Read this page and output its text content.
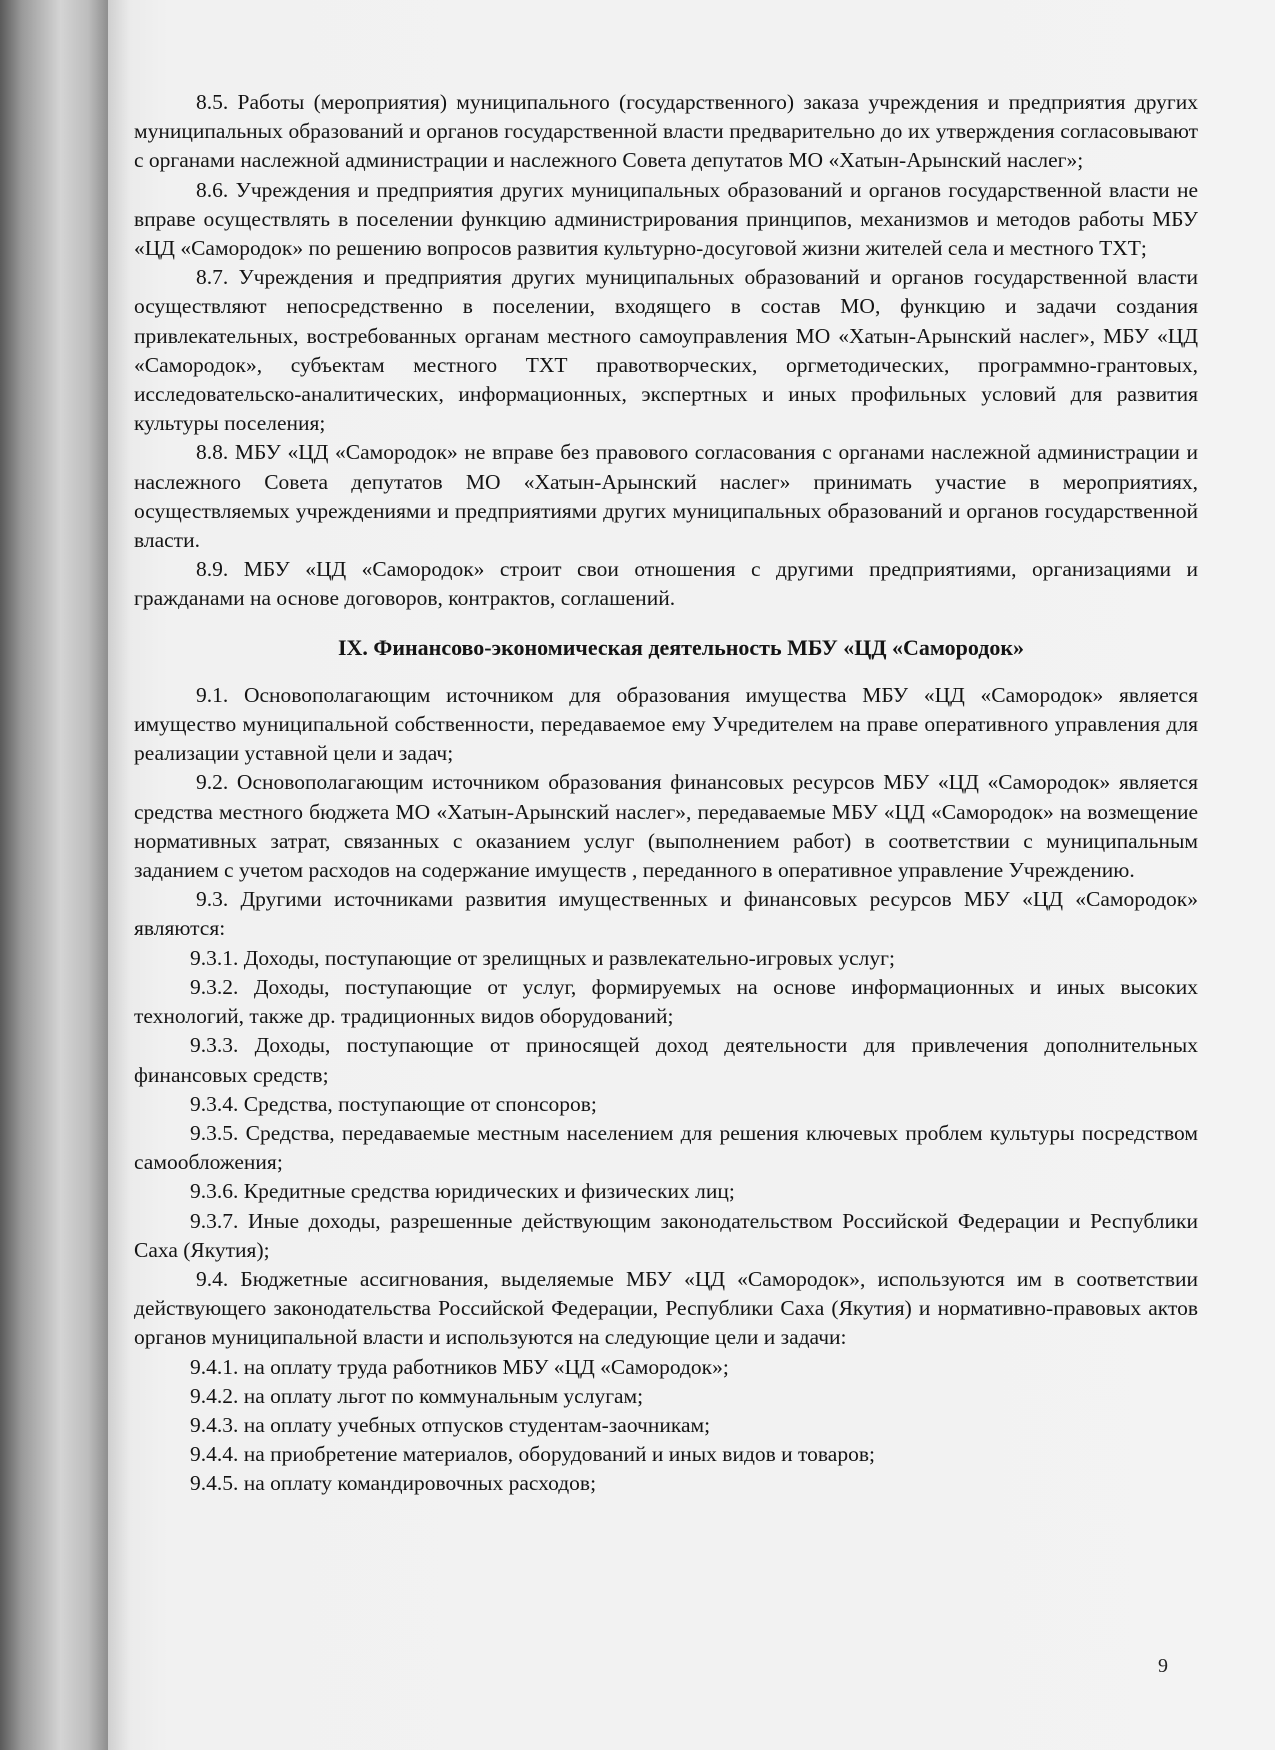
8.5. Работы (мероприятия) муниципального (государственного) заказа учреждения и предприятия других муниципальных образований и органов государственной власти предварительно до их утверждения согласовывают с органами наслежной администрации и наслежного Совета депутатов МО «Хатын-Арынский наслег»;

8.6. Учреждения и предприятия других муниципальных образований и органов государственной власти не вправе осуществлять в поселении функцию администрирования принципов, механизмов и методов работы МБУ «ЦД «Самородок» по решению вопросов развития культурно-досуговой жизни жителей села и местного ТХТ;

8.7. Учреждения и предприятия других муниципальных образований и органов государственной власти осуществляют непосредственно в поселении, входящего в состав МО, функцию и задачи создания привлекательных, востребованных органам местного самоуправления МО «Хатын-Арынский наслег», МБУ «ЦД «Самородок», субъектам местного ТХТ правотворческих, оргметодических, программно-грантовых, исследовательско-аналитических, информационных, экспертных и иных профильных условий для развития культуры поселения;

8.8. МБУ «ЦД «Самородок» не вправе без правового согласования с органами наслежной администрации и наслежного Совета депутатов МО «Хатын-Арынский наслег» принимать участие в мероприятиях, осуществляемых учреждениями и предприятиями других муниципальных образований и органов государственной власти.

8.9. МБУ «ЦД «Самородок» строит свои отношения с другими предприятиями, организациями и гражданами на основе договоров, контрактов, соглашений.

IX. Финансово-экономическая деятельность МБУ «ЦД «Самородок»

9.1. Основополагающим источником для образования имущества МБУ «ЦД «Самородок» является имущество муниципальной собственности, передаваемое ему Учредителем на праве оперативного управления для реализации уставной цели и задач;

9.2. Основополагающим источником образования финансовых ресурсов МБУ «ЦД «Самородок» является средства местного бюджета МО «Хатын-Арынский наслег», передаваемые МБУ «ЦД «Самородок» на возмещение нормативных затрат, связанных с оказанием услуг (выполнением работ) в соответствии с муниципальным заданием с учетом расходов на содержание имуществ , переданного в оперативное управление Учреждению.

9.3. Другими источниками развития имущественных и финансовых ресурсов МБУ «ЦД «Самородок» являются:

9.3.1. Доходы, поступающие от зрелищных и развлекательно-игровых услуг;

9.3.2. Доходы, поступающие от услуг, формируемых на основе информационных и иных высоких технологий, также др. традиционных видов оборудований;

9.3.3. Доходы, поступающие от приносящей доход деятельности для привлечения дополнительных финансовых средств;

9.3.4. Средства, поступающие от спонсоров;

9.3.5. Средства, передаваемые местным населением для решения ключевых проблем культуры посредством самообложения;

9.3.6. Кредитные средства юридических и физических лиц;

9.3.7. Иные доходы, разрешенные действующим законодательством Российской Федерации и Республики Саха (Якутия);

9.4. Бюджетные ассигнования, выделяемые МБУ «ЦД «Самородок», используются им в соответствии действующего законодательства Российской Федерации, Республики Саха (Якутия) и нормативно-правовых актов органов муниципальной власти и используются на следующие цели и задачи:

9.4.1. на оплату труда работников МБУ «ЦД «Самородок»;

9.4.2. на оплату льгот по коммунальным услугам;

9.4.3. на оплату учебных отпусков студентам-заочникам;

9.4.4. на приобретение материалов, оборудований и иных видов и товаров;

9.4.5. на оплату командировочных расходов;

9
